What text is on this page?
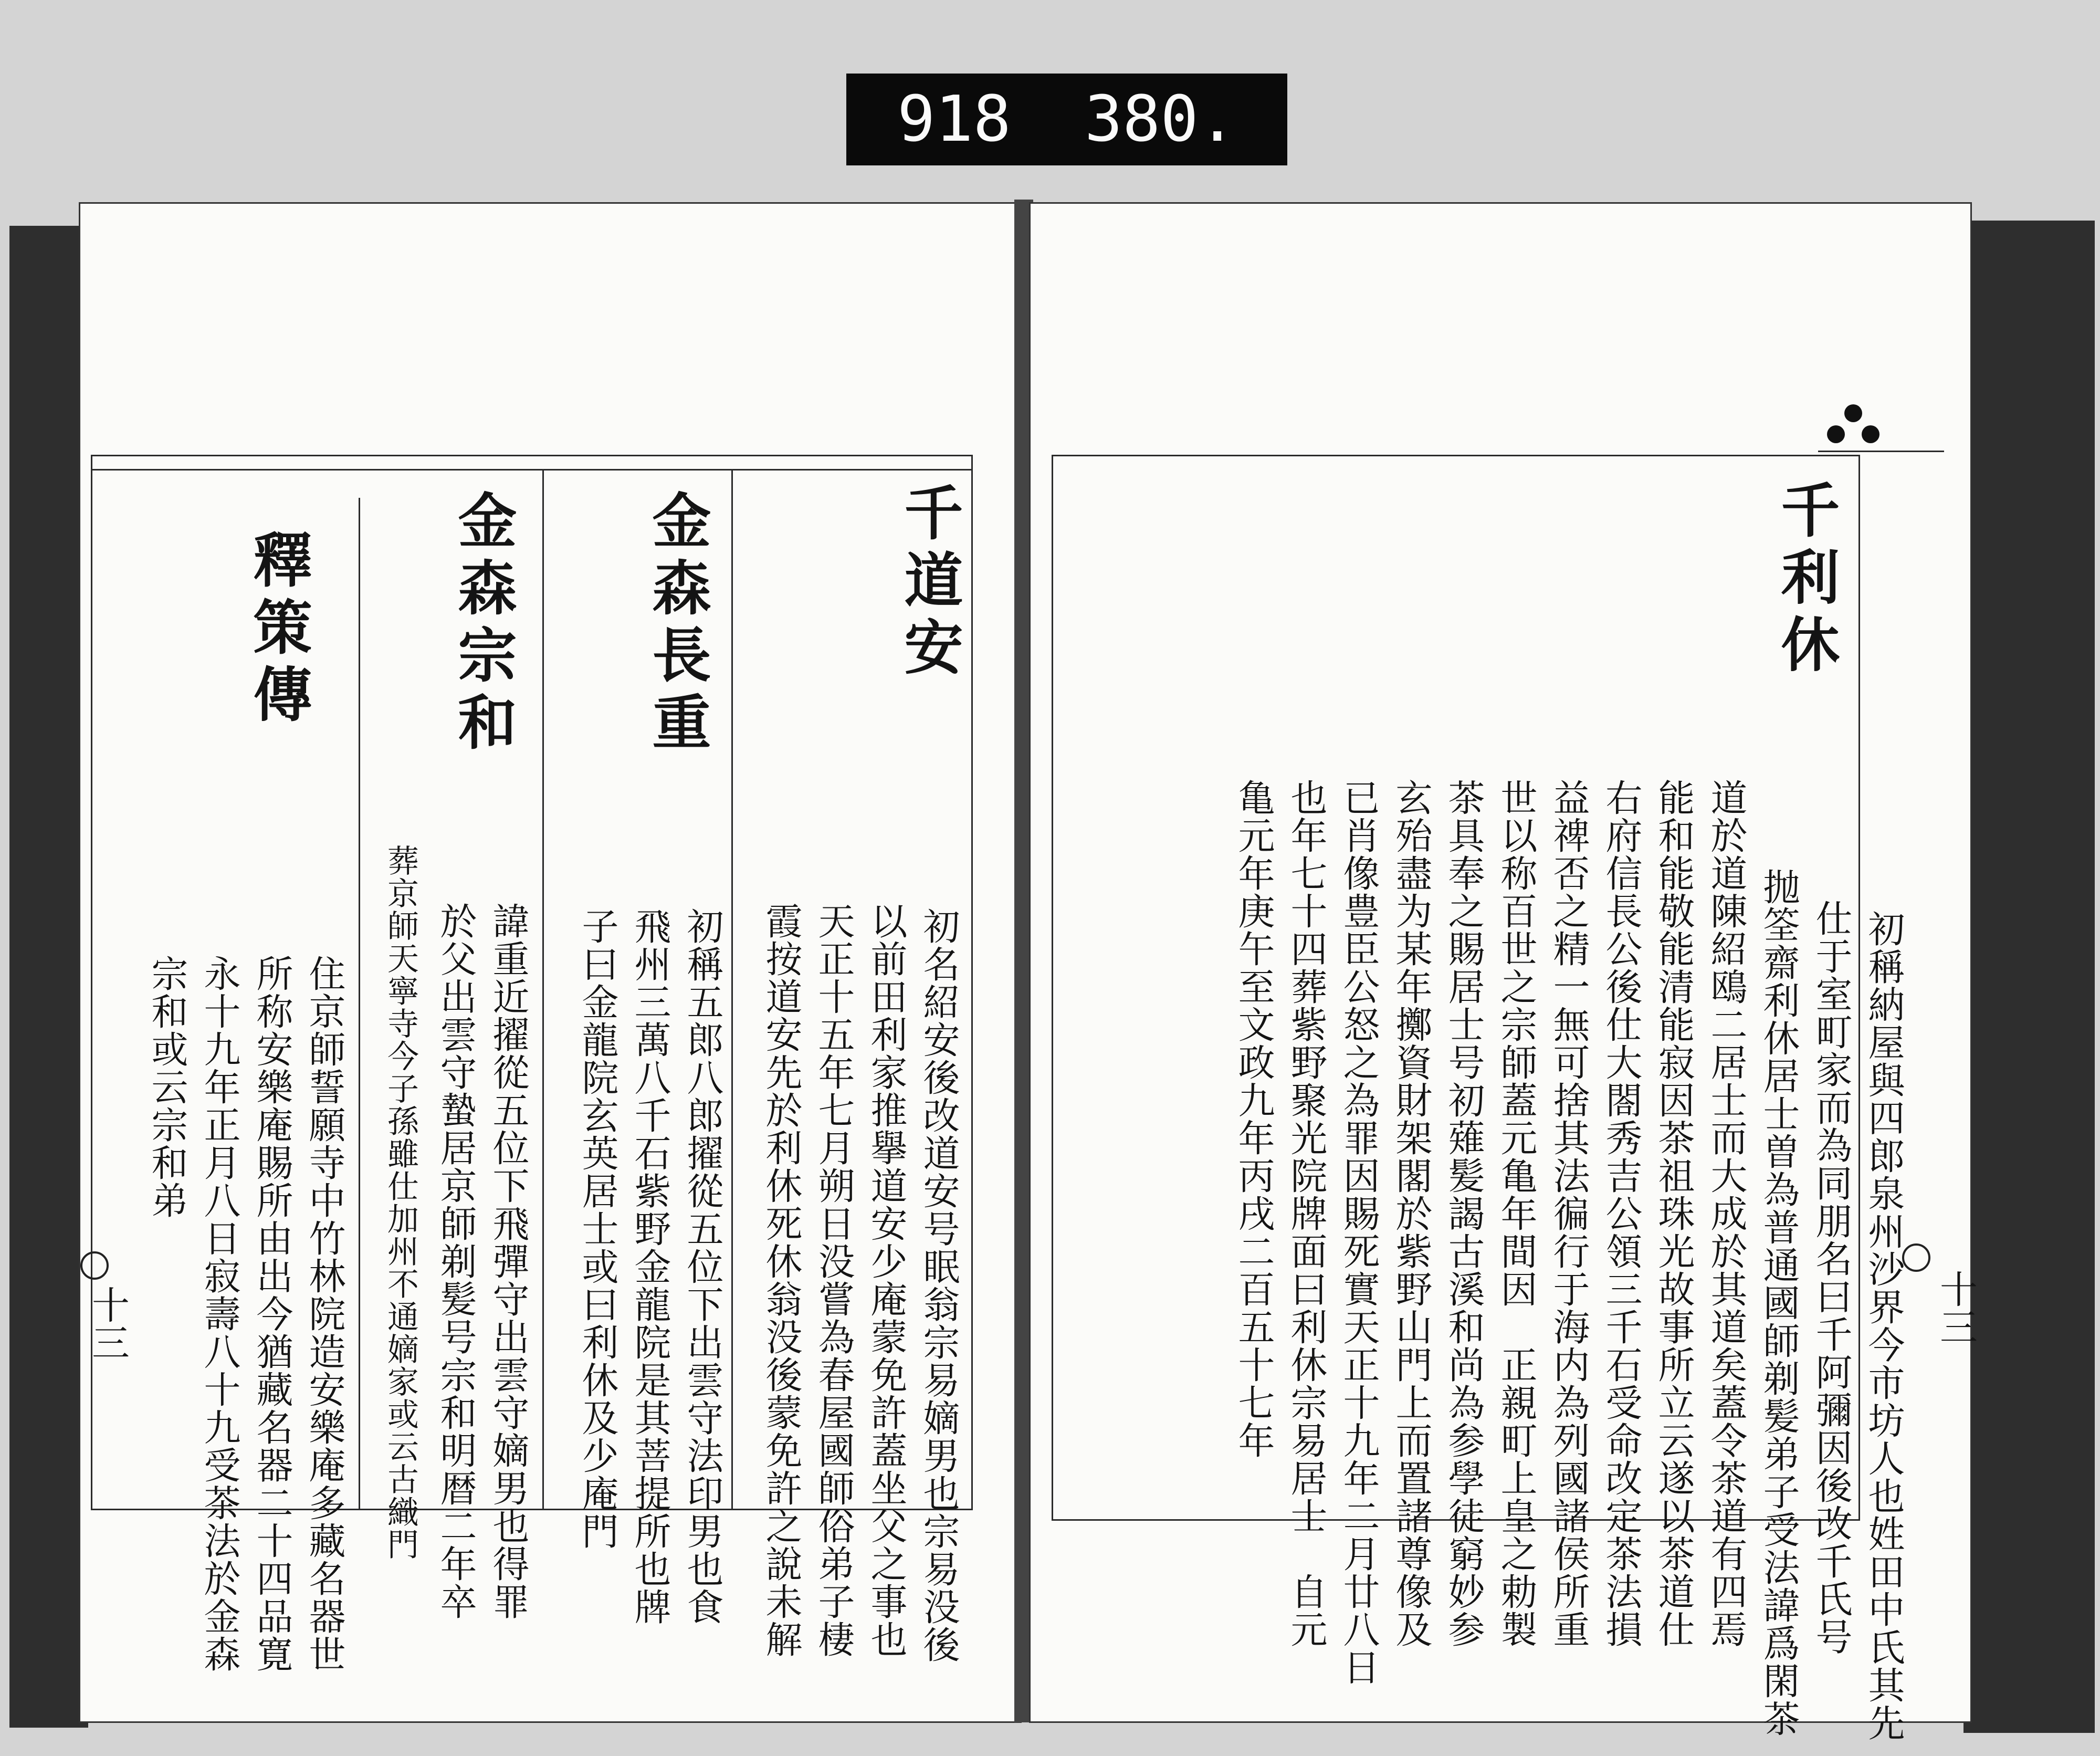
918 380.
千道安
初名紹安後改道安号眠翁宗易嫡男也宗易没後
以前田利家推擧道安少庵蒙免許蓋坐父之事也
天正十五年七月朔日没嘗為春屋國師俗弟子棲
霞按道安先於利休死休翁没後蒙免許之說未解
金森長重
初稱五郎八郎擢從五位下出雲守法印男也食
飛州三萬八千石紫野金龍院是其菩提所也牌
子曰金龍院玄英居士或曰利休及少庵門
金森宗和
諱重近擢從五位下飛彈守出雲守嫡男也得罪
於父出雲守蟄居京師剃髪号宗和明暦二年卒
葬京師天寧寺今子孫雖仕加州不通嫡家或云古織門
釋策傳
住京師誓願寺中竹林院造安樂庵多藏名器世
所称安樂庵賜所由出今猶藏名器二十四品寛
永十九年正月八日寂壽八十九受茶法於金森
宗和或云宗和弟
十三
千利休
初稱納屋與四郎泉州沙界今市坊人也姓田中氏其先
仕于室町家而為同朋名曰千阿彌因後改千氏号
抛筌齋利休居士曽為普通國師剃髪弟子受法諱爲閑茶
道於道陳紹鴎二居士而大成於其道矣蓋令茶道有四焉
能和能敬能清能寂因茶祖珠光故事所立云遂以茶道仕
右府信長公後仕大閤秀吉公領三千石受命改定茶法損
益禆否之精一無可捨其法徧行于海内為列國諸侯所重
世以称百世之宗師蓋元亀年間因　正親町上皇之勅製
茶具奉之賜居士号初薙髪謁古溪和尚為参學徒窮妙参
玄殆盡为某年擲資財架閣於紫野山門上而置諸尊像及
已肖像豊臣公怒之為罪因賜死實天正十九年二月廿八日
也年七十四葬紫野聚光院牌面曰利休宗易居士　自元
亀元年庚午至文政九年丙戌二百五十七年	十三
